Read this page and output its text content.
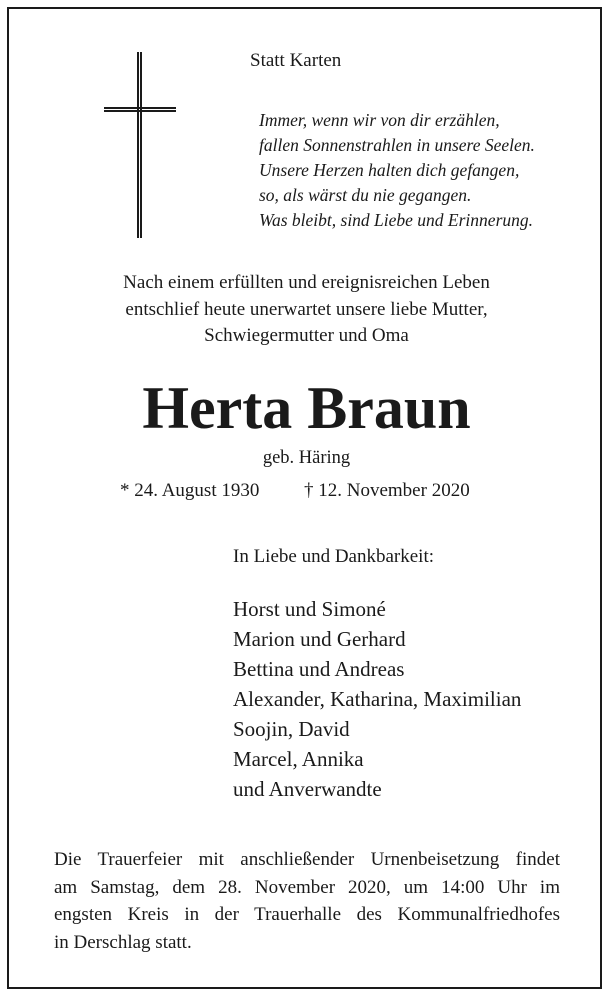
Statt Karten
Immer, wenn wir von dir erzählen,
fallen Sonnenstrahlen in unsere Seelen.
Unsere Herzen halten dich gefangen,
so, als wärst du nie gegangen.
Was bleibt, sind Liebe und Erinnerung.
Nach einem erfüllten und ereignisreichen Leben
entschlief heute unerwartet unsere liebe Mutter,
Schwiegermutter und Oma
Herta Braun
geb. Häring
* 24. August 1930 † 12. November 2020
In Liebe und Dankbarkeit:
Horst und Simoné
Marion und Gerhard
Bettina und Andreas
Alexander, Katharina, Maximilian
Soojin, David
Marcel, Annika
und Anverwandte
Die Trauerfeier mit anschließender Urnenbeisetzung findet
am Samstag, dem 28. November 2020, um 14:00 Uhr im
engsten Kreis in der Trauerhalle des Kommunalfriedhofes
in Derschlag statt.
